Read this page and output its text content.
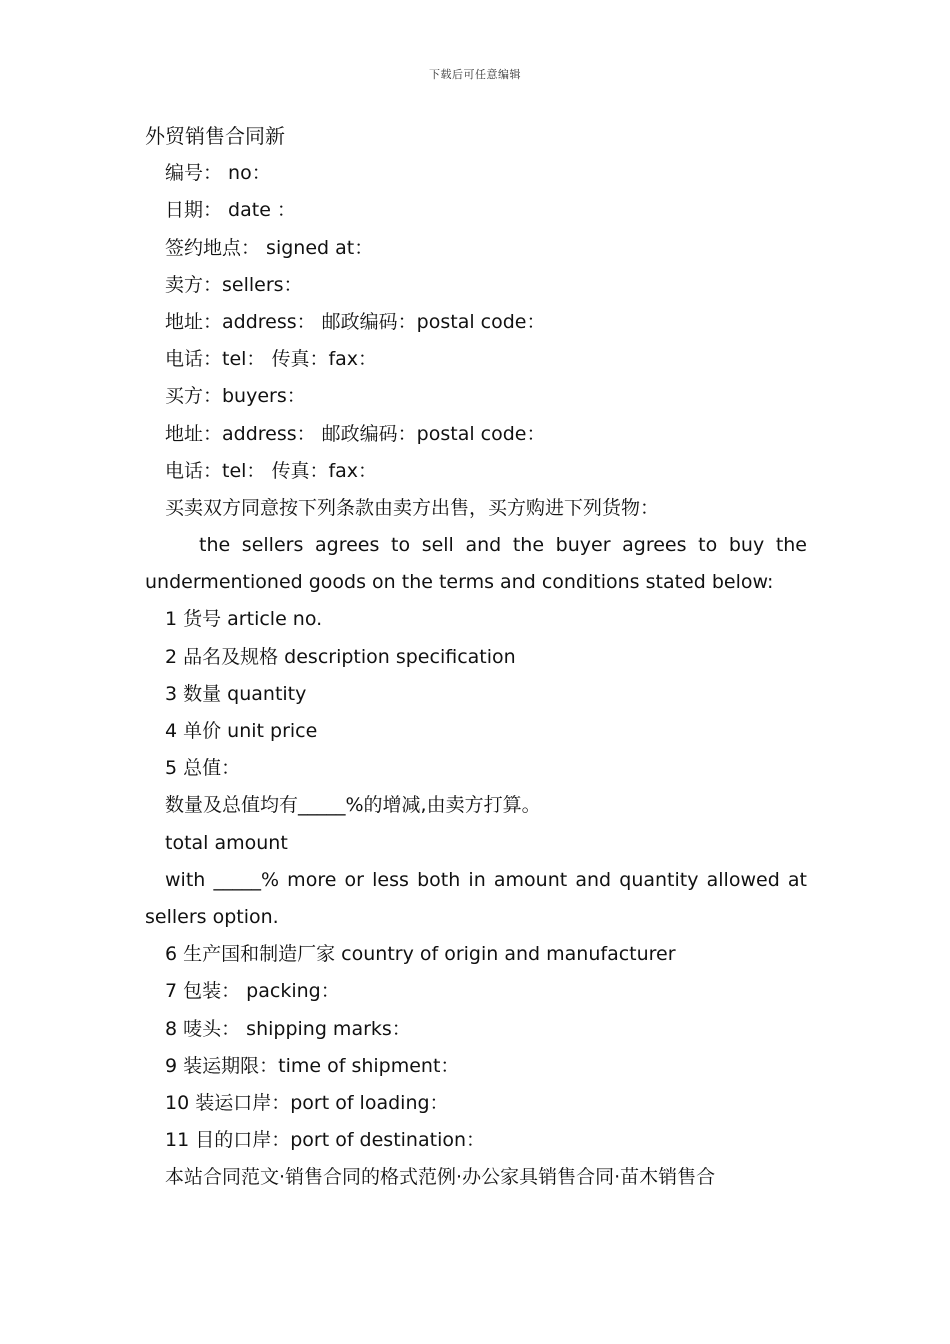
下载后可任意编辑
外贸销售合同新
编号： no：
日期： date ：
签约地点： signed at：
卖方：sellers：
地址：address： 邮政编码：postal code：
电话：tel： 传真：fax：
买方：buyers：
地址：address： 邮政编码：postal code：
电话：tel： 传真：fax：
买卖双方同意按下列条款由卖方出售，买方购进下列货物：
the sellers agrees to sell and the buyer agrees to buy the
undermentioned goods on the terms and conditions stated below:
1 货号 article no.
2 品名及规格 description specification
3 数量 quantity
4 单价 unit price
5 总值：
数量及总值均有_____%的增减,由卖方打算。
total amount
with _____% more or less both in amount and quantity allowed at
sellers option.
6 生产国和制造厂家 country of origin and manufacturer
7 包装： packing：
8 唛头： shipping marks：
9 装运期限：time of shipment：
10 装运口岸：port of loading：
11 目的口岸：port of destination：
本站合同范文·销售合同的格式范例·办公家具销售合同·苗木销售合
